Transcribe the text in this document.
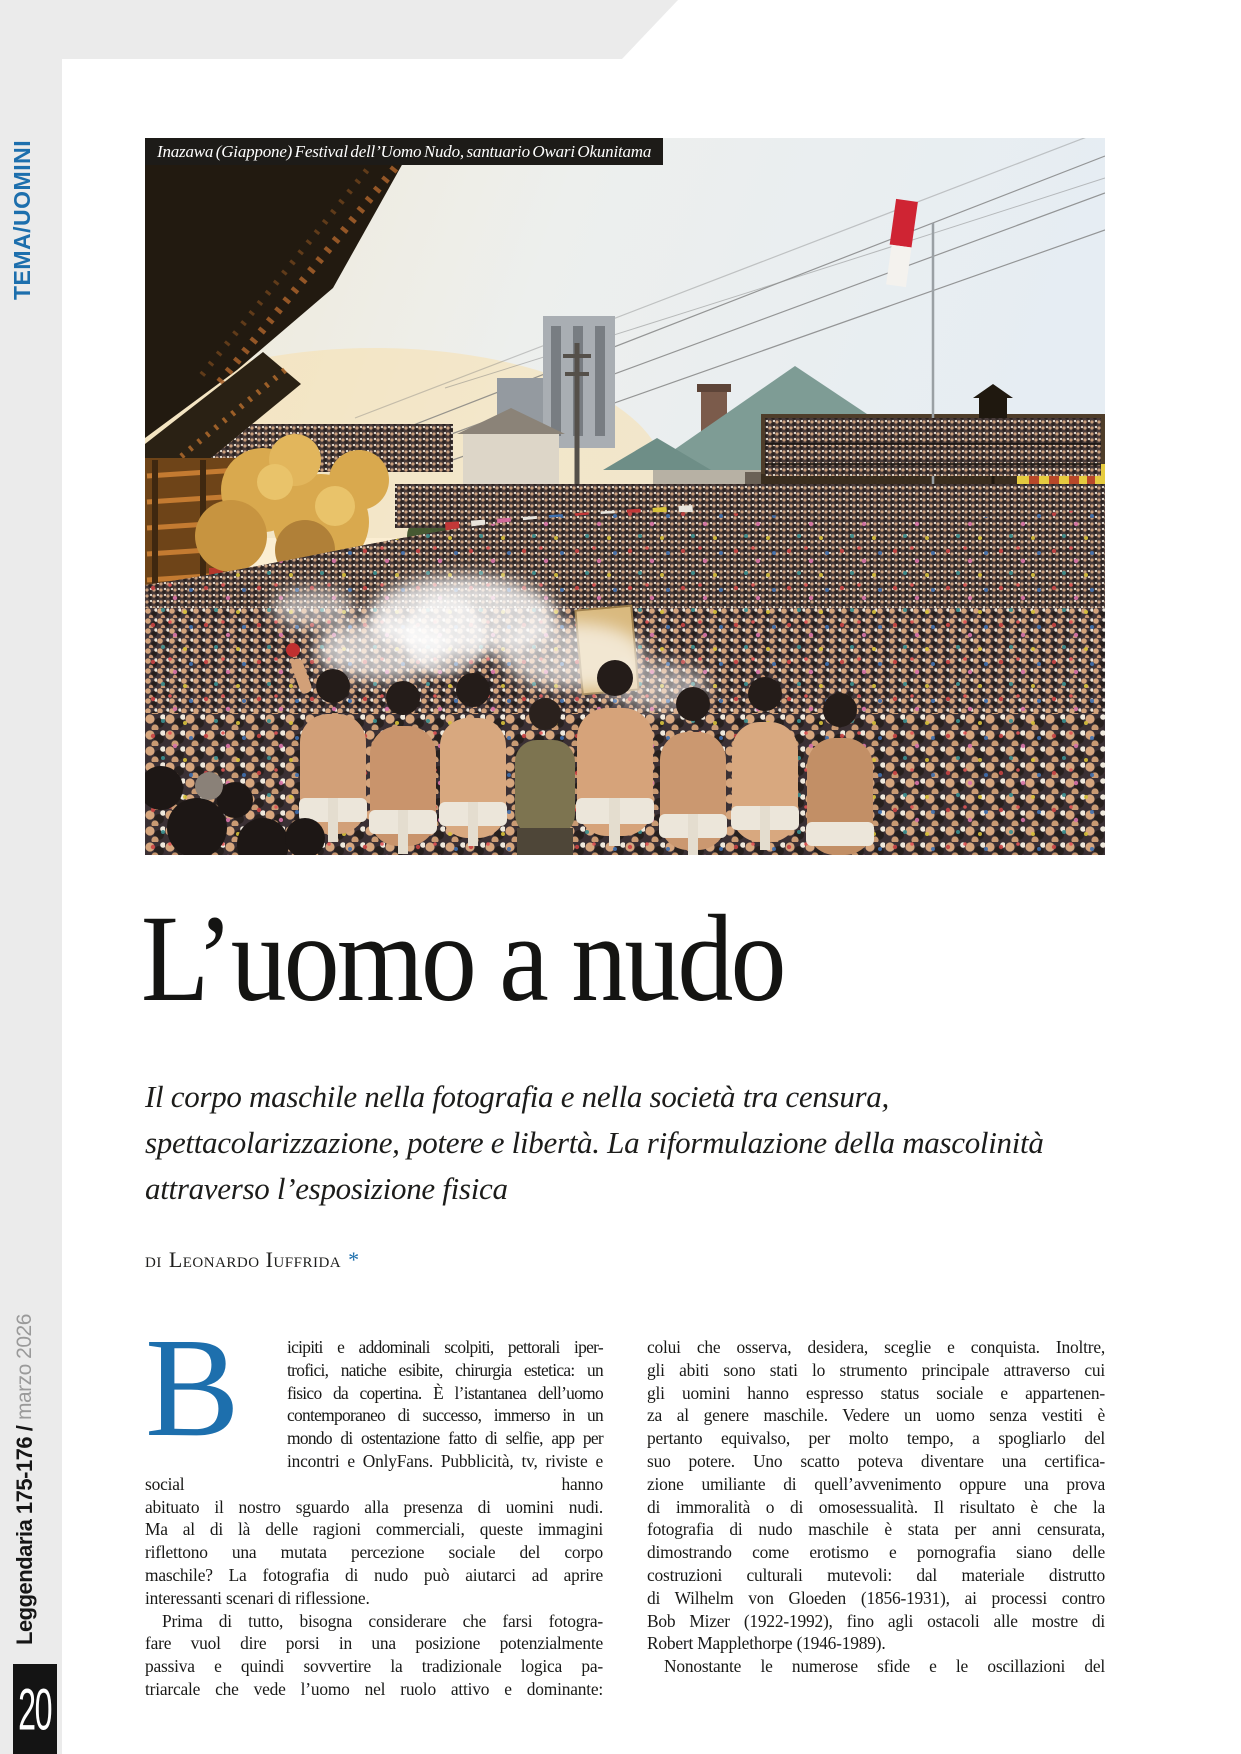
TEMA/UOMINI
Leggendaria 175-176 / marzo 2026
20
Inazawa (Giappone) Festival dell’Uomo Nudo, santuario Owari Okunitama
L’uomo a nudo
Il corpo maschile nella fotografia e nella società tra censura,
spettacolarizzazione, potere e libertà. La riformulazione della mascolinità
attraverso l’esposizione fisica
di Leonardo Iuffrida *
B	icipiti e addominali scolpiti, pettorali iper-
trofici, natiche esibite, chirurgia estetica: un
fisico da copertina. È l’istantanea dell’uomo
contemporaneo di successo, immerso in un
mondo di ostentazione fatto di selfie, app per
incontri e OnlyFans. Pubblicità, tv, riviste e social hanno
abituato il nostro sguardo alla presenza di uomini nudi.
Ma al di là delle ragioni commerciali, queste immagini
riflettono una mutata percezione sociale del corpo
maschile? La fotografia di nudo può aiutarci ad aprire
interessanti scenari di riflessione.
  Prima di tutto, bisogna considerare che farsi fotogra-
fare vuol dire porsi in una posizione potenzialmente
passiva e quindi sovvertire la tradizionale logica pa-
triarcale che vede l’uomo nel ruolo attivo e dominante:
colui che osserva, desidera, sceglie e conquista. Inoltre,
gli abiti sono stati lo strumento principale attraverso cui
gli uomini hanno espresso status sociale e appartenen-
za al genere maschile. Vedere un uomo senza vestiti è
pertanto equivalso, per molto tempo, a spogliarlo del
suo potere. Uno scatto poteva diventare una certifica-
zione umiliante di quell’avvenimento oppure una prova
di immoralità o di omosessualità. Il risultato è che la
fotografia di nudo maschile è stata per anni censurata,
dimostrando come erotismo e pornografia siano delle
costruzioni culturali mutevoli: dal materiale distrutto
di Wilhelm von Gloeden (1856-1931), ai processi contro
Bob Mizer (1922-1992), fino agli ostacoli alle mostre di
Robert Mapplethorpe (1946-1989).
  Nonostante le numerose sfide e le oscillazioni del
